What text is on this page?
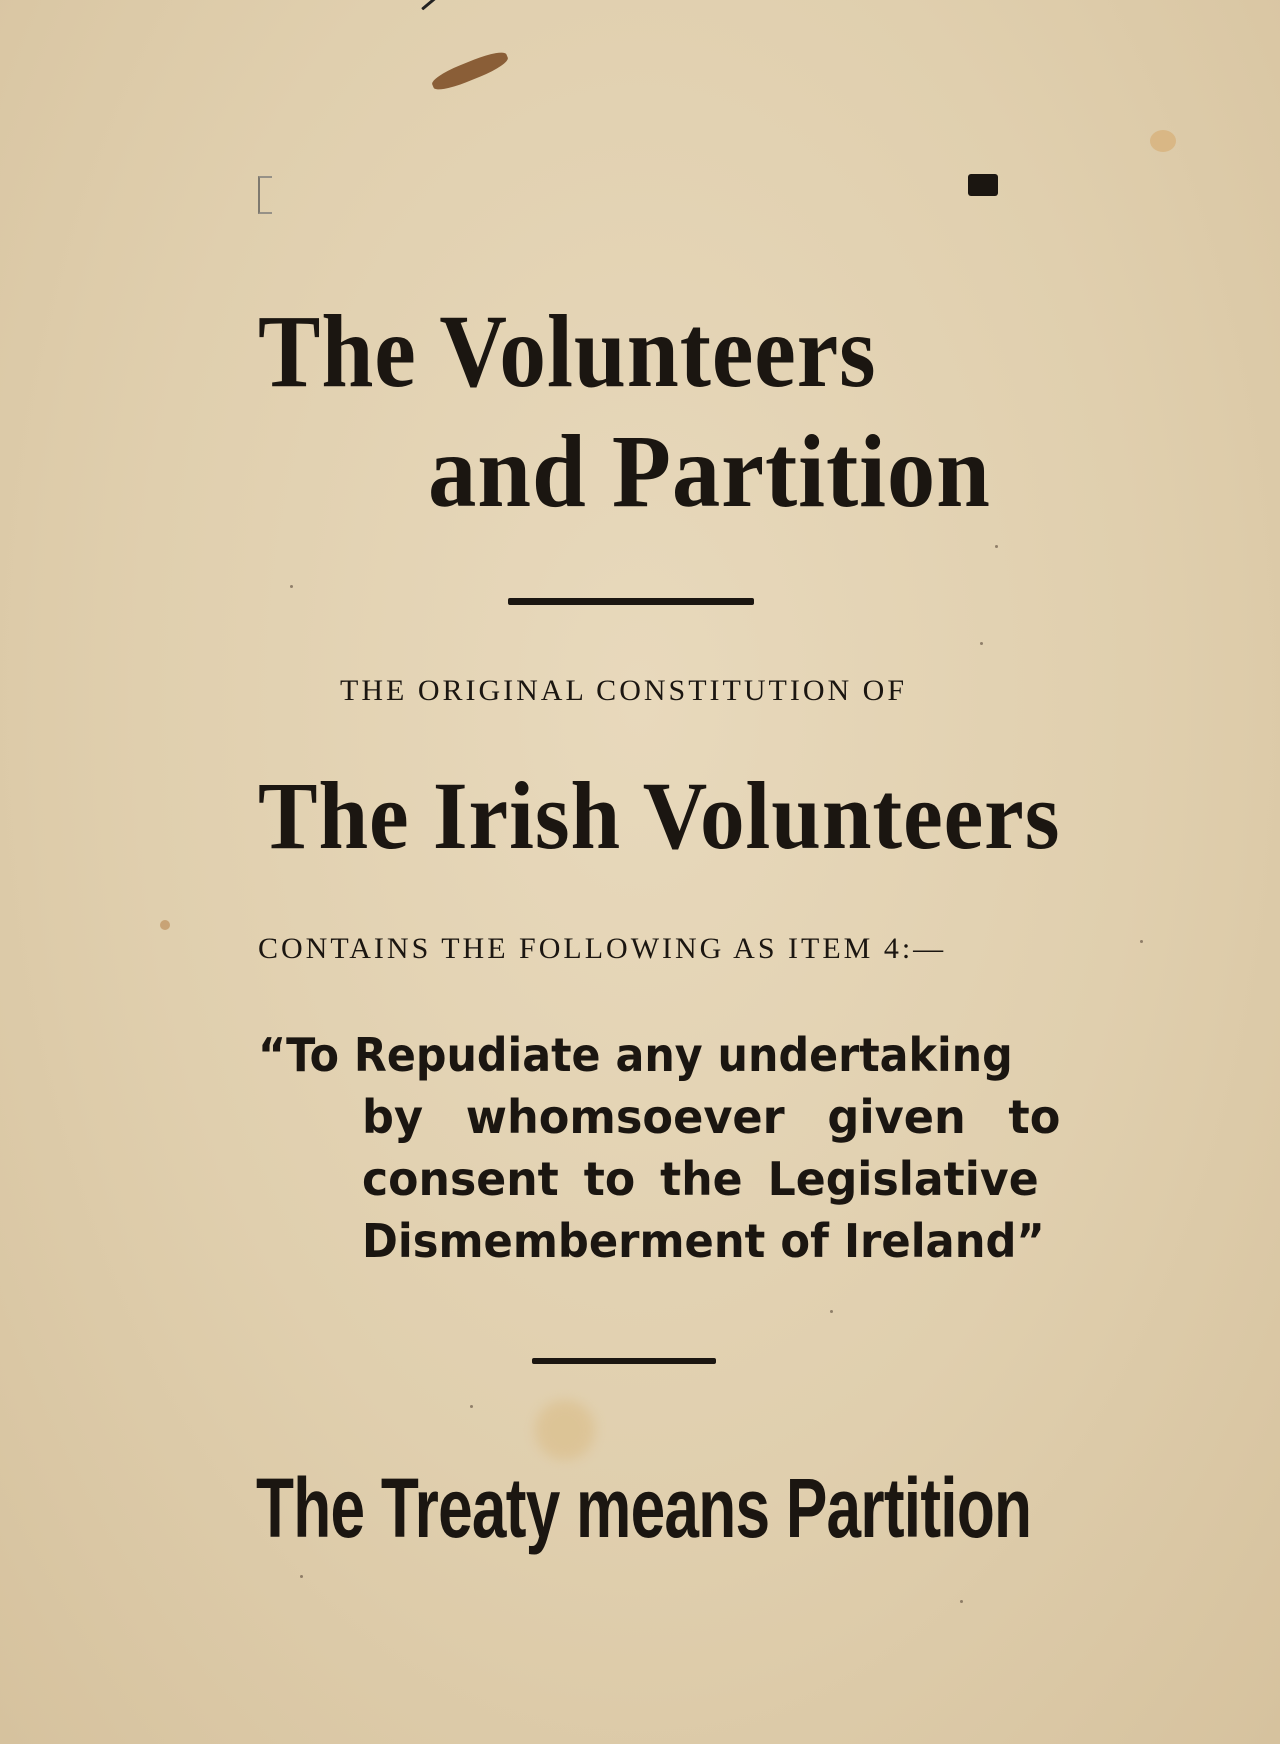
The Volunteers
and Partition
THE ORIGINAL CONSTITUTION OF
The Irish Volunteers
CONTAINS THE FOLLOWING AS ITEM 4:—
“To Repudiate any undertaking
by whomsoever given to
consent to the Legislative
Dismemberment of Ireland”
The Treaty means Partition
